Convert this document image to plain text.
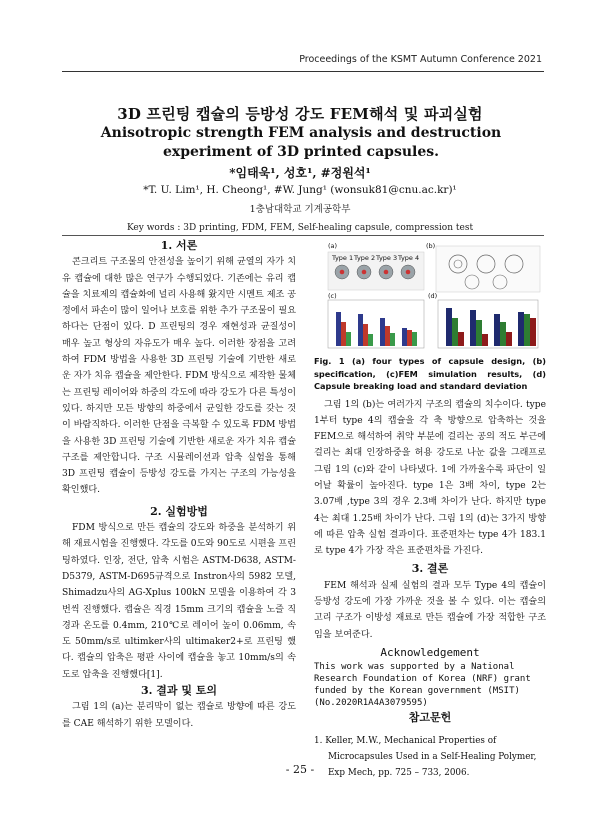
Proceedings of the KSMT Autumn Conference 2021
3D 프린팅 캡슐의 등방성 강도 FEM해석 및 파괴실험
Anisotropic strength FEM analysis and destruction experiment of 3D printed capsules.
*임태욱¹, 성호¹, #정원석¹
*T. U. Lim¹, H. Cheong¹, #W. Jung¹ (wonsuk81@cnu.ac.kr)¹
1충남대학교 기계공학부
Key words : 3D printing, FDM, FEM, Self-healing capsule, compression test
1. 서론
콘크리트 구조물의 안전성을 높이기 위해 균열의 자가 치유 캡슐에 대한 많은 연구가 수행되었다. 기존에는 유리 캡슐을 치료제의 캡슐화에 널리 사용해 왔지만 시멘트 제조 공정에서 파손이 많이 일어나 보호를 위한 추가 구조물이 필요하다는 단점이 있다. D 프린팅의 경우 재현성과 균질성이 매우 높고 형상의 자유도가 매우 높다. 이러한 장점을 고려하여 FDM 방법을 사용한 3D 프린팅 기술에 기반한 새로운 자가 치유 캡슐을 제안한다. FDM 방식으로 제작한 물체는 프린팅 레이어와 하중의 각도에 따라 강도가 다른 특성이 있다. 하지만 모든 방향의 하중에서 균일한 강도를 갖는 것이 바람직하다. 이러한 단점을 극복할 수 있도록 FDM 방법을 사용한 3D 프린팅 기술에 기반한 새로운 자가 치유 캡슐 구조를 제안합니다. 구조 시뮬레이션과 압축 실험을 통해 3D 프린팅 캡슐이 등방성 강도를 가지는 구조의 가능성을 확인했다.
2. 실험방법
FDM 방식으로 만든 캡슐의 강도와 하중을 분석하기 위해 재료시험을 진행했다. 각도를 0도와 90도로 시편을 프린팅하였다. 인장, 전단, 압축 시험은 ASTM-D638, ASTM-D5379, ASTM-D695규격으로 Instron사의 5982 모델, Shimadzu사의 AG-Xplus 100kN 모델을 이용하여 각 3번씩 진행했다. 캡슐은 직경 15mm 크기의 캡슐을 노즐 직경과 온도를 0.4mm, 210℃로 레이어 높이 0.06mm, 속도 50mm/s로 ultimker사의 ultimaker2+로 프린팅 했다. 캡슐의 압축은 평판 사이에 캡슐을 놓고 10mm/s의 속도로 압축을 진행했다[1].
3. 결과 및 토의
그림 1의 (a)는 분리막이 없는 캡슐로 방향에 따른 강도를 CAE 해석하기 위한 모델이다.
(a)	(b)
(c)	(d)
Type 1 Type 2 Type 3 Type 4
Fig. 1 (a) four types of capsule design, (b) specification, (c)FEM simulation results, (d) Capsule breaking load and standard deviation
그림 1의 (b)는 여러가지 구조의 캡슐의 치수이다. type 1부터 type 4의 캡슐을 각 축 방향으로 압축하는 것을 FEM으로 해석하여 취약 부분에 걸리는 공의 적도 부근에 걸리는 최대 인장하중을 허용 강도로 나눈 값을 그래프로 그림 1의 (c)와 같이 나타냈다. 1에 가까울수록 파단이 일어날 확률이 높아진다. type 1은 3배 차이, type 2는 3.07배 ,type 3의 경우 2.3배 차이가 난다. 하지만 type 4는 최대 1.25배 차이가 난다. 그림 1의 (d)는 3가지 방향에 따른 압축 실험 결과이다. 표준편차는 type 4가 183.1로 type 4가 가장 작은 표준편차를 가진다.
3. 결론
FEM 해석과 실제 실험의 결과 모두 Type 4의 캡슐이 등방성 강도에 가장 가까운 것을 볼 수 있다. 이는 캡슐의 고리 구조가 이방성 재료로 만든 캡슐에 가장 적합한 구조임을 보여준다.
Acknowledgement
This work was supported by a National Research Foundation of Korea (NRF) grant funded by the Korean government (MSIT) (No.2020R1A4A3079595)
참고문헌
1. Keller, M.W., Mechanical Properties of Microcapsules Used in a Self-Healing Polymer, Exp Mech, pp. 725 – 733, 2006.
- 25 -
